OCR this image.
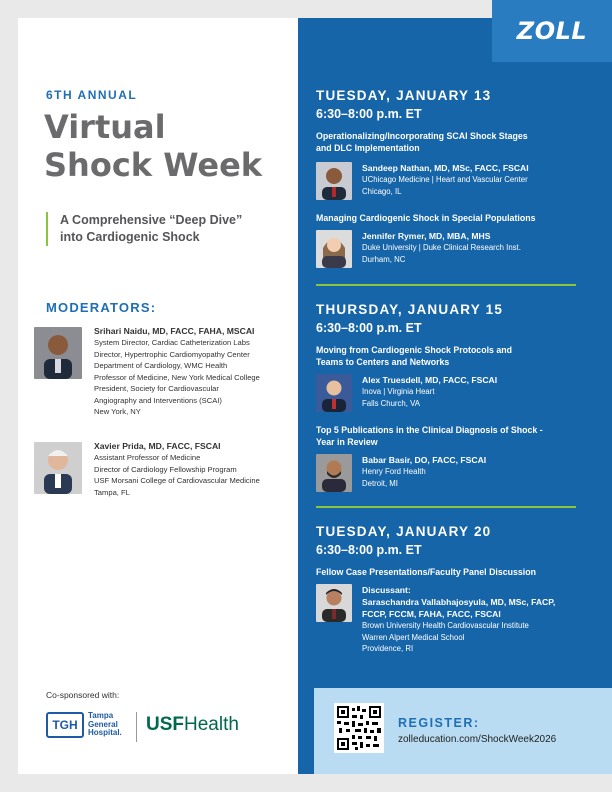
ZOLL
6TH ANNUAL
Virtual
Shock Week
A Comprehensive “Deep Dive”
into Cardiogenic Shock
MODERATORS:
Srihari Naidu, MD, FACC, FAHA, MSCAI
System Director, Cardiac Catheterization Labs
Director, Hypertrophic Cardiomyopathy Center
Department of Cardiology, WMC Health
Professor of Medicine, New York Medical College
President, Society for Cardiovascular
Angiography and Interventions (SCAI)
New York, NY
Xavier Prida, MD, FACC, FSCAI
Assistant Professor of Medicine
Director of Cardiology Fellowship Program
USF Morsani College of Cardiovascular Medicine
Tampa, FL
Co-sponsored with:
TGH
Tampa
General
Hospital. USFHealth
TUESDAY, JANUARY 13
6:30–8:00 p.m. ET
Operationalizing/Incorporating SCAI Shock Stages
and DLC Implementation
Sandeep Nathan, MD, MSc, FACC, FSCAI
UChicago Medicine | Heart and Vascular Center
Chicago, IL
Managing Cardiogenic Shock in Special Populations
Jennifer Rymer, MD, MBA, MHS
Duke University | Duke Clinical Research Inst.
Durham, NC
THURSDAY, JANUARY 15
6:30–8:00 p.m. ET
Moving from Cardiogenic Shock Protocols and
Teams to Centers and Networks
Alex Truesdell, MD, FACC, FSCAI
Inova | Virginia Heart
Falls Church, VA
Top 5 Publications in the Clinical Diagnosis of Shock -
Year in Review
Babar Basir, DO, FACC, FSCAI
Henry Ford Health
Detroit, MI
TUESDAY, JANUARY 20
6:30–8:00 p.m. ET
Fellow Case Presentations/Faculty Panel Discussion
Discussant:
Saraschandra Vallabhajosyula, MD, MSc, FACP,
FCCP, FCCM, FAHA, FACC, FSCAI
Brown University Health Cardiovascular Institute
Warren Alpert Medical School
Providence, RI
REGISTER:
zolleducation.com/ShockWeek2026
